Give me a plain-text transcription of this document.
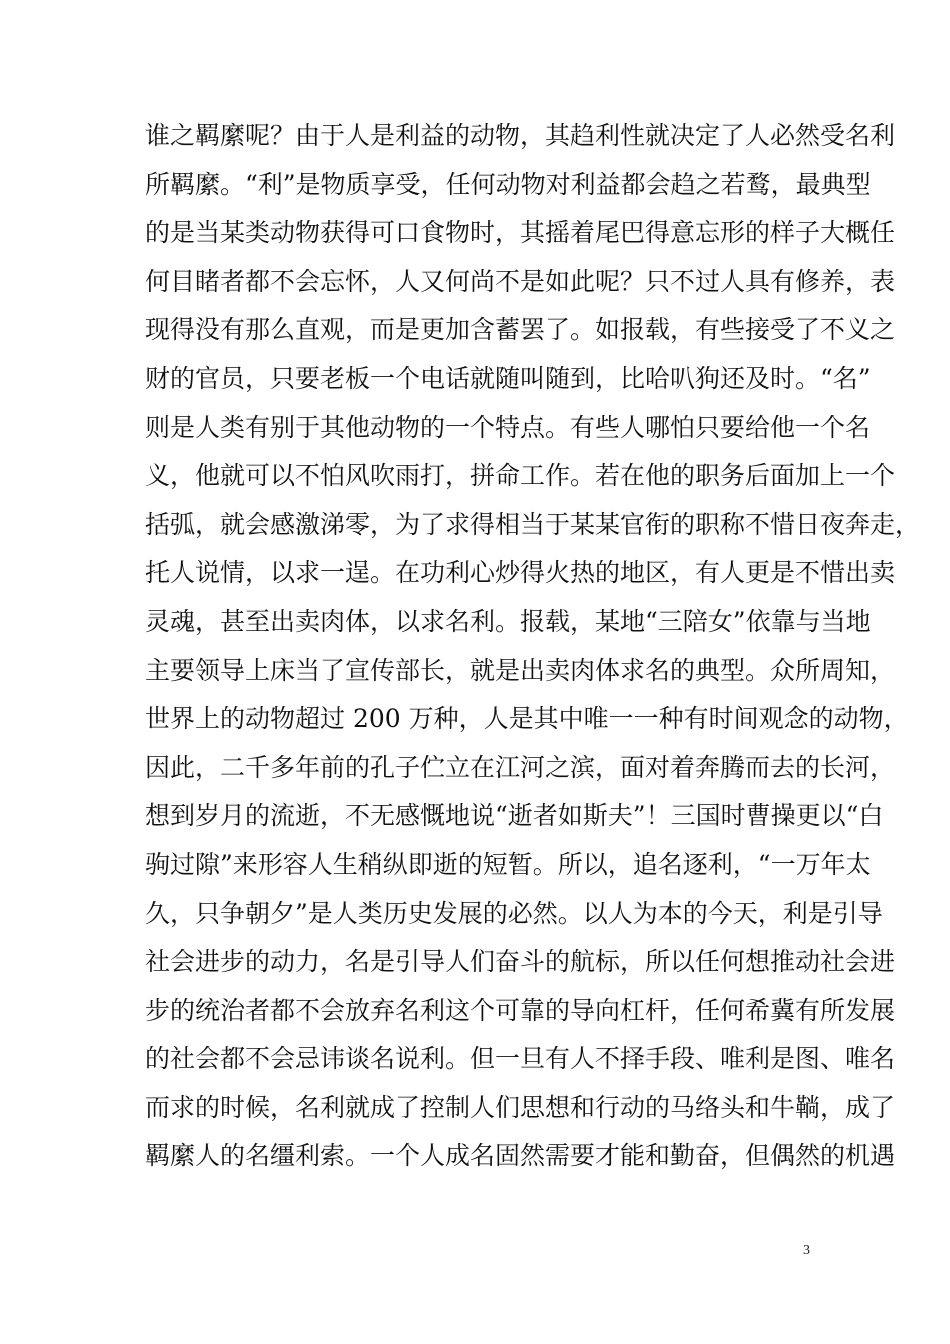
谁之羁縻呢？由于人是利益的动物，其趋利性就决定了人必然受名利
所羁縻。“利”是物质享受，任何动物对利益都会趋之若鹜，最典型
的是当某类动物获得可口食物时，其摇着尾巴得意忘形的样子大概任
何目睹者都不会忘怀，人又何尚不是如此呢？只不过人具有修养，表
现得没有那么直观，而是更加含蓄罢了。如报载，有些接受了不义之
财的官员，只要老板一个电话就随叫随到，比哈叭狗还及时。“名”
则是人类有别于其他动物的一个特点。有些人哪怕只要给他一个名
义，他就可以不怕风吹雨打，拼命工作。若在他的职务后面加上一个
括弧，就会感激涕零，为了求得相当于某某官衔的职称不惜日夜奔走，
托人说情，以求一逞。在功利心炒得火热的地区，有人更是不惜出卖
灵魂，甚至出卖肉体，以求名利。报载，某地“三陪女”依靠与当地
主要领导上床当了宣传部长，就是出卖肉体求名的典型。众所周知，
世界上的动物超过 200 万种，人是其中唯一一种有时间观念的动物，
因此，二千多年前的孔子伫立在江河之滨，面对着奔腾而去的长河，
想到岁月的流逝，不无感慨地说“逝者如斯夫”！三国时曹操更以“白
驹过隙”来形容人生稍纵即逝的短暂。所以，追名逐利，“一万年太
久，只争朝夕”是人类历史发展的必然。以人为本的今天，利是引导
社会进步的动力，名是引导人们奋斗的航标，所以任何想推动社会进
步的统治者都不会放弃名利这个可靠的导向杠杆，任何希冀有所发展
的社会都不会忌讳谈名说利。但一旦有人不择手段、唯利是图、唯名
而求的时候，名利就成了控制人们思想和行动的马络头和牛鞝，成了
羁縻人的名缰利索。一个人成名固然需要才能和勤奋，但偶然的机遇
3
